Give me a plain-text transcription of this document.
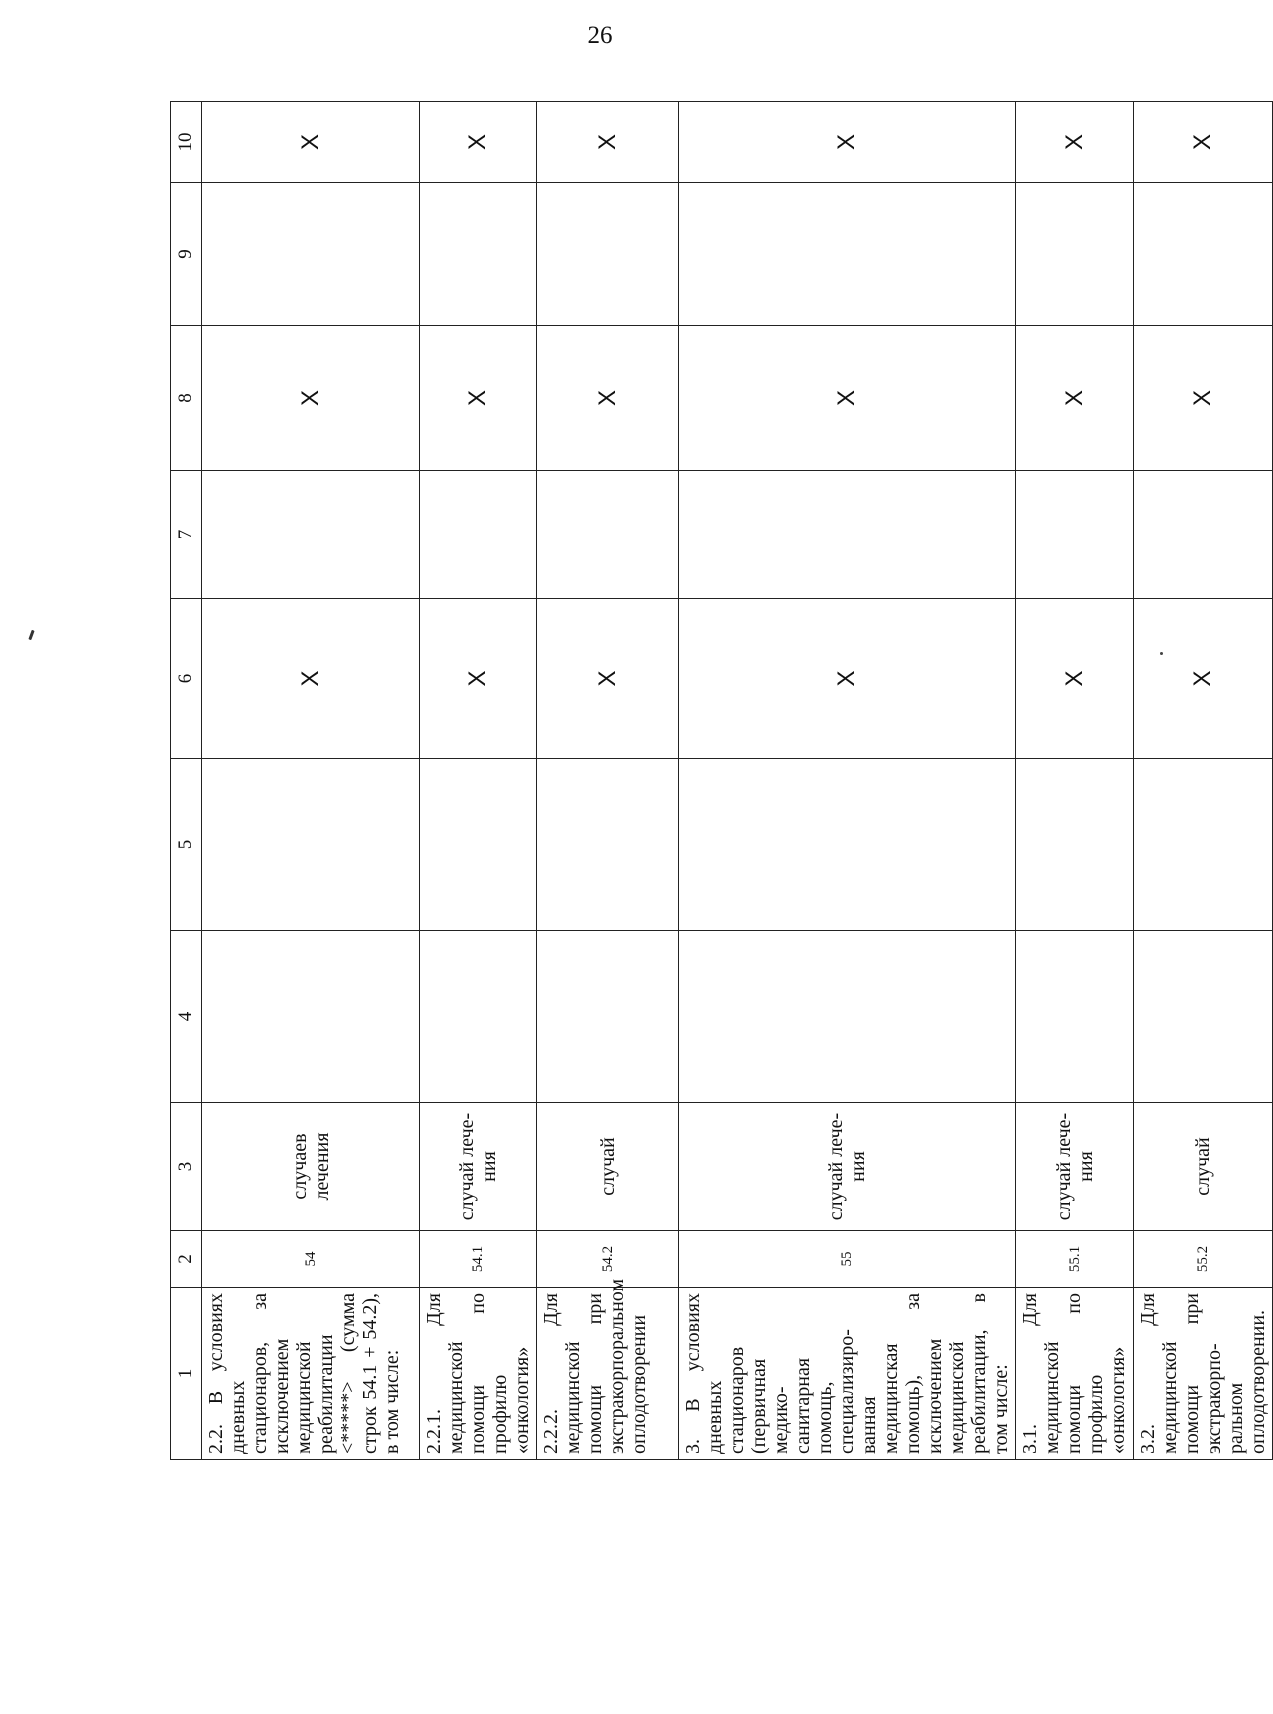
26
1	2	3	4	5	6	7	8	9	10
2.2. В условиях дневных стационаров, за исключением медицинской реабилитации <*****> (сумма строк 54.1 + 54.2), в том числе:	54	случаев лечения			Х		Х		Х
2.2.1. Для медицинской помощи по профилю «онкология»	54.1	случай лечения			Х		Х		Х
2.2.2. Для медицинской помощи при экстракорпоральном оплодотворении	54.2	случай			Х		Х		Х
3. В условиях дневных стационаров (первичная медико-санитарная помощь, специализированная медицинская помощь), за исключением медицинской реабилитации, в том числе:	55	случай лечения			Х		Х		Х
3.1. Для медицинской помощи по профилю «онкология»	55.1	случай лечения			Х		Х		Х
3.2. Для медицинской помощи при экстракорпоральном оплодотворении.	55.2	случай			Х		Х		Х
